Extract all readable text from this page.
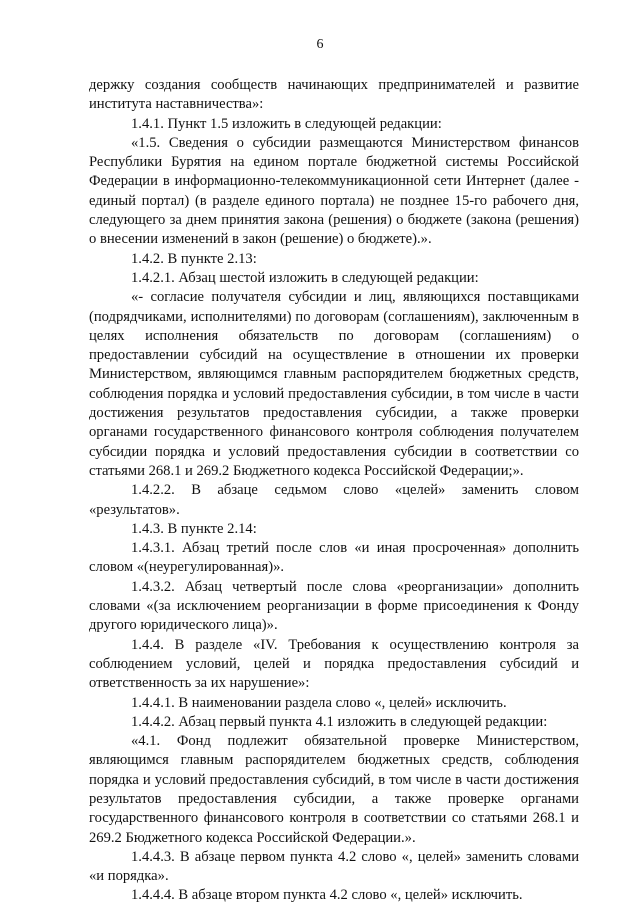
6

держку создания сообществ начинающих предпринимателей и развитие института наставничества»:

1.4.1. Пункт 1.5 изложить в следующей редакции:

«1.5. Сведения о субсидии размещаются Министерством финансов Республики Бурятия на едином портале бюджетной системы Российской Федерации в информационно-телекоммуникационной сети Интернет (далее - единый портал) (в разделе единого портала) не позднее 15-го рабочего дня, следующего за днем принятия закона (решения) о бюджете (закона (решения) о внесении изменений в закон (решение) о бюджете).».

1.4.2. В пункте 2.13:

1.4.2.1. Абзац шестой изложить в следующей редакции:

«- согласие получателя субсидии и лиц, являющихся поставщиками (подрядчиками, исполнителями) по договорам (соглашениям), заключенным в целях исполнения обязательств по договорам (соглашениям) о предоставлении субсидий на осуществление в отношении их проверки Министерством, являющимся главным распорядителем бюджетных средств, соблюдения порядка и условий предоставления субсидии, в том числе в части достижения результатов предоставления субсидии, а также проверки органами государственного финансового контроля соблюдения получателем субсидии порядка и условий предоставления субсидии в соответствии со статьями 268.1 и 269.2 Бюджетного кодекса Российской Федерации;».

1.4.2.2. В абзаце седьмом слово «целей» заменить словом «результатов».

1.4.3. В пункте 2.14:

1.4.3.1. Абзац третий после слов «и иная просроченная» дополнить словом «(неурегулированная)».

1.4.3.2. Абзац четвертый после слова «реорганизации» дополнить словами «(за исключением реорганизации в форме присоединения к Фонду другого юридического лица)».

1.4.4. В разделе «IV. Требования к осуществлению контроля за соблюдением условий, целей и порядка предоставления субсидий и ответственность за их нарушение»:

1.4.4.1. В наименовании раздела слово «, целей» исключить.

1.4.4.2. Абзац первый пункта 4.1 изложить в следующей редакции:

«4.1. Фонд подлежит обязательной проверке Министерством, являющимся главным распорядителем бюджетных средств, соблюдения порядка и условий предоставления субсидий, в том числе в части достижения результатов предоставления субсидии, а также проверке органами государственного финансового контроля в соответствии со статьями 268.1 и 269.2 Бюджетного кодекса Российской Федерации.».

1.4.4.3. В абзаце первом пункта 4.2 слово «, целей» заменить словами «и порядка».

1.4.4.4. В абзаце втором пункта 4.2 слово «, целей» исключить.
